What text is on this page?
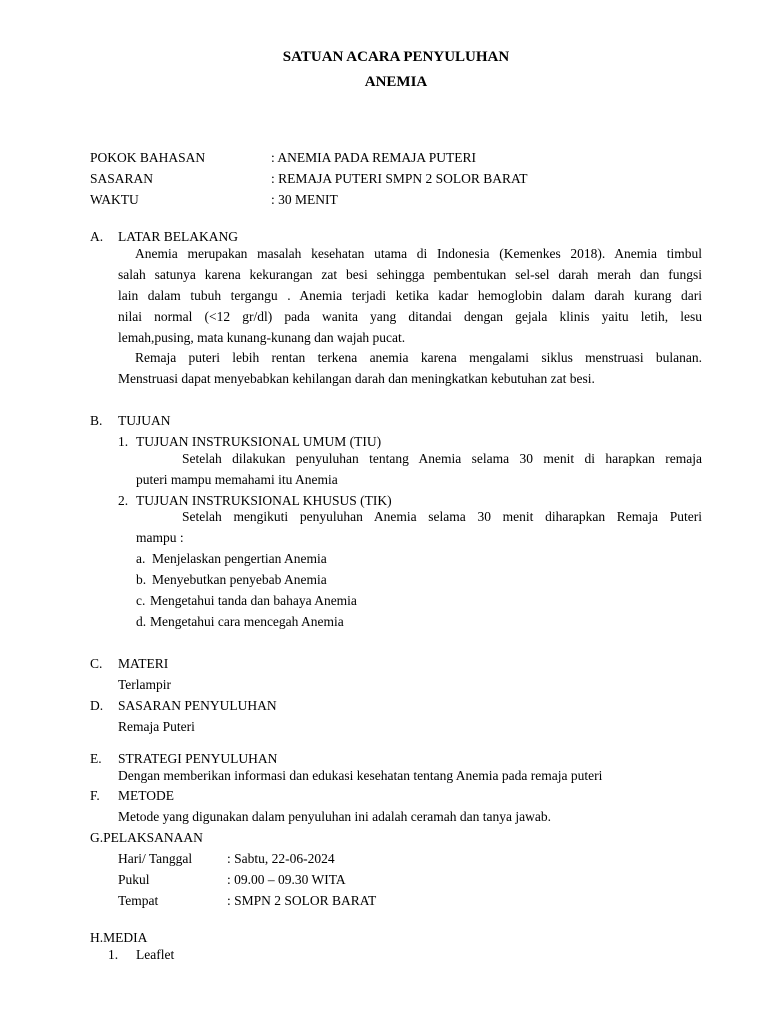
SATUAN ACARA PENYULUHAN
ANEMIA
POKOK BAHASAN	: ANEMIA PADA REMAJA PUTERI
SASARAN	: REMAJA PUTERI SMPN 2 SOLOR BARAT
WAKTU	: 30 MENIT
A. LATAR BELAKANG
Anemia merupakan masalah kesehatan utama di Indonesia (Kemenkes 2018). Anemia timbul
salah satunya karena kekurangan zat besi sehingga pembentukan sel-sel darah merah dan fungsi
lain dalam tubuh tergangu . Anemia terjadi ketika kadar hemoglobin dalam darah kurang dari
nilai normal (<12 gr/dl) pada wanita yang ditandai dengan gejala klinis yaitu letih, lesu
lemah,pusing, mata kunang-kunang dan wajah pucat.
Remaja puteri lebih rentan terkena anemia karena mengalami siklus menstruasi bulanan.
Menstruasi dapat menyebabkan kehilangan darah dan meningkatkan kebutuhan zat besi.
B. TUJUAN
1. TUJUAN INSTRUKSIONAL UMUM (TIU)
Setelah dilakukan penyuluhan tentang Anemia selama 30 menit di harapkan remaja
puteri mampu memahami itu Anemia
2. TUJUAN INSTRUKSIONAL KHUSUS (TIK)
Setelah mengikuti penyuluhan Anemia selama 30 menit diharapkan Remaja Puteri
mampu :
a. Menjelaskan pengertian Anemia
b. Menyebutkan penyebab Anemia
c. Mengetahui tanda dan bahaya Anemia
d. Mengetahui cara mencegah Anemia
C. MATERI
Terlampir
D. SASARAN PENYULUHAN
Remaja Puteri
E. STRATEGI PENYULUHAN
Dengan memberikan informasi dan edukasi kesehatan tentang Anemia pada remaja puteri
F. METODE
Metode yang digunakan dalam penyuluhan ini adalah ceramah dan tanya jawab.
G.PELAKSANAAN
Hari/ Tanggal	: Sabtu, 22-06-2024
Pukul	: 09.00 – 09.30 WITA
Tempat	: SMPN 2 SOLOR BARAT
H.MEDIA
1. Leaflet
